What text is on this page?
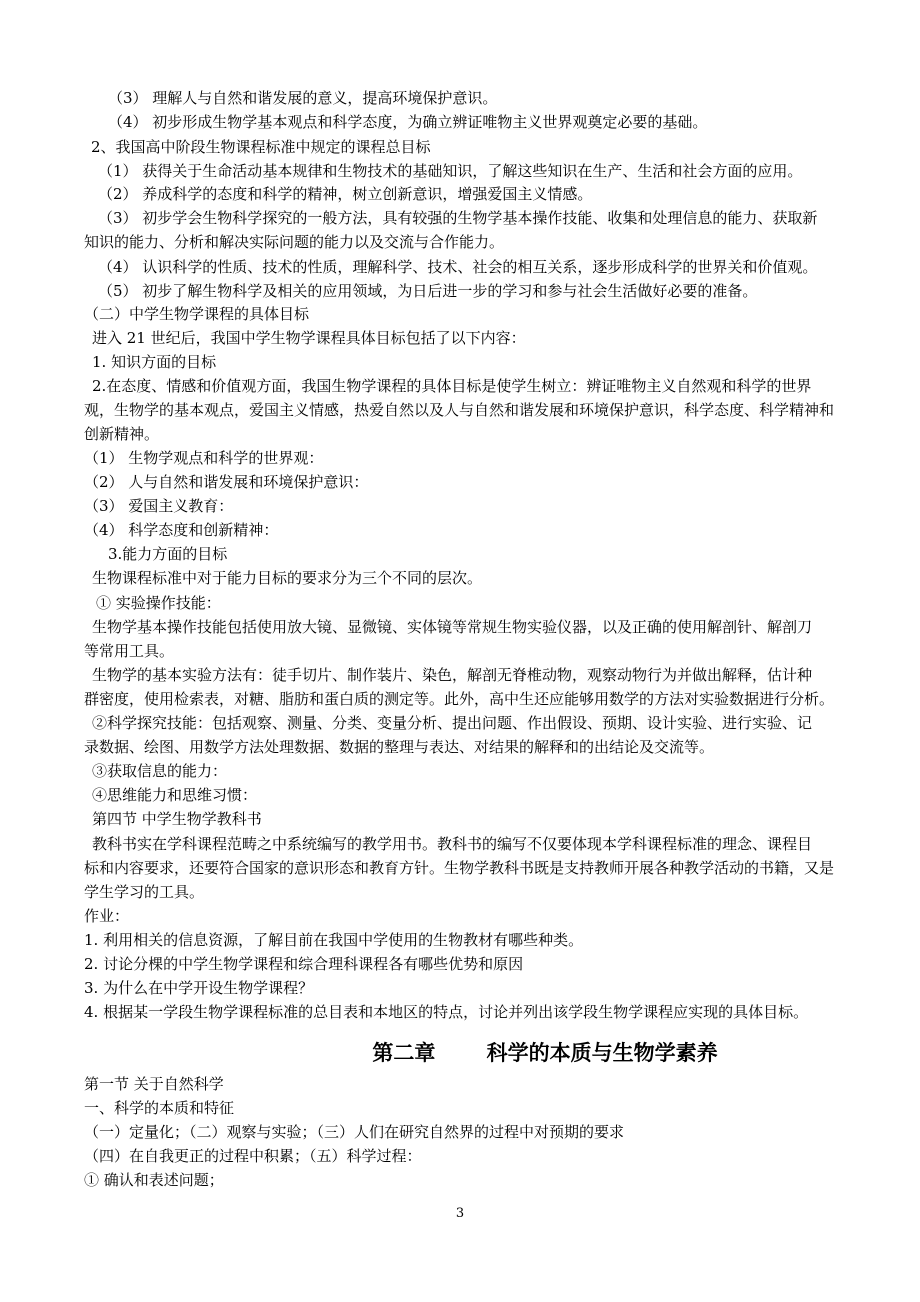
（3） 理解人与自然和谐发展的意义，提高环境保护意识。
（4） 初步形成生物学基本观点和科学态度，为确立辨证唯物主义世界观奠定必要的基础。
2、我国高中阶段生物课程标准中规定的课程总目标
（1） 获得关于生命活动基本规律和生物技术的基础知识，了解这些知识在生产、生活和社会方面的应用。
（2） 养成科学的态度和科学的精神，树立创新意识，增强爱国主义情感。
（3） 初步学会生物科学探究的一般方法，具有较强的生物学基本操作技能、收集和处理信息的能力、获取新
知识的能力、分析和解决实际问题的能力以及交流与合作能力。
（4） 认识科学的性质、技术的性质，理解科学、技术、社会的相互关系，逐步形成科学的世界关和价值观。
（5） 初步了解生物科学及相关的应用领域，为日后进一步的学习和参与社会生活做好必要的准备。
（二）中学生物学课程的具体目标
进入 21 世纪后，我国中学生物学课程具体目标包括了以下内容：
1. 知识方面的目标
2.在态度、情感和价值观方面，我国生物学课程的具体目标是使学生树立：辨证唯物主义自然观和科学的世界
观，生物学的基本观点，爱国主义情感，热爱自然以及人与自然和谐发展和环境保护意识，科学态度、科学精神和
创新精神。
（1） 生物学观点和科学的世界观：
（2） 人与自然和谐发展和环境保护意识：
（3） 爱国主义教育：
（4） 科学态度和创新精神：
3.能力方面的目标
生物课程标准中对于能力目标的要求分为三个不同的层次。
① 实验操作技能：
生物学基本操作技能包括使用放大镜、显微镜、实体镜等常规生物实验仪器，以及正确的使用解剖针、解剖刀
等常用工具。
生物学的基本实验方法有：徒手切片、制作装片、染色，解剖无脊椎动物，观察动物行为并做出解释，估计种
群密度，使用检索表，对糖、脂肪和蛋白质的测定等。此外，高中生还应能够用数学的方法对实验数据进行分析。
②科学探究技能：包括观察、测量、分类、变量分析、提出问题、作出假设、预期、设计实验、进行实验、记
录数据、绘图、用数学方法处理数据、数据的整理与表达、对结果的解释和的出结论及交流等。
③获取信息的能力：
④思维能力和思维习惯：
第四节 中学生物学教科书
教科书实在学科课程范畴之中系统编写的教学用书。教科书的编写不仅要体现本学科课程标准的理念、课程目
标和内容要求，还要符合国家的意识形态和教育方针。生物学教科书既是支持教师开展各种教学活动的书籍，又是
学生学习的工具。
作业：
1. 利用相关的信息资源，了解目前在我国中学使用的生物教材有哪些种类。
2. 讨论分棵的中学生物学课程和综合理科课程各有哪些优势和原因
3. 为什么在中学开设生物学课程？
4. 根据某一学段生物学课程标准的总目表和本地区的特点，讨论并列出该学段生物学课程应实现的具体目标。
第二章       科学的本质与生物学素养
第一节 关于自然科学
一、科学的本质和特征
（一）定量化；（二）观察与实验；（三）人们在研究自然界的过程中对预期的要求
（四）在自我更正的过程中积累；（五）科学过程：
① 确认和表述问题；
3
